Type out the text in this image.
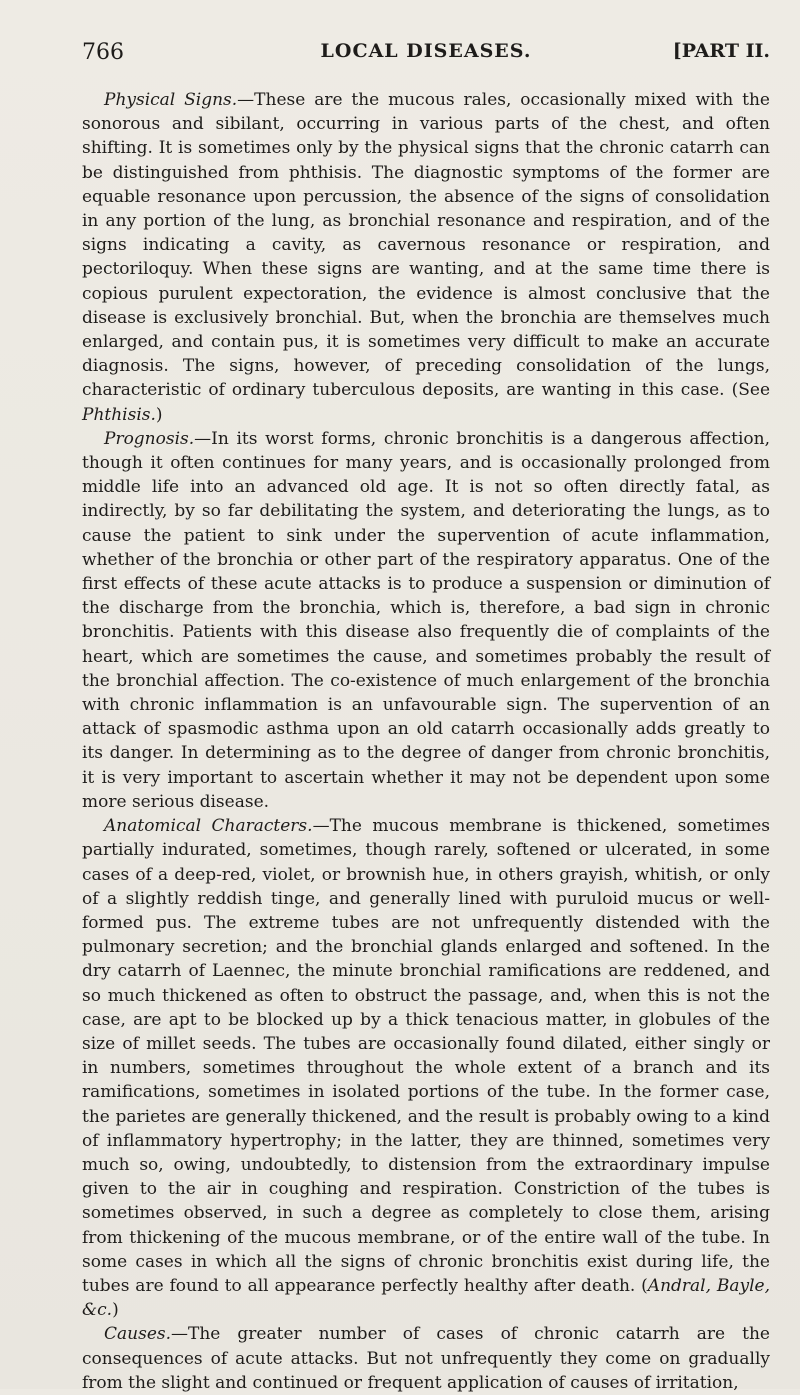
766	LOCAL DISEASES.	[PART II.

Physical Signs.—These are the mucous rales, occasionally mixed with the sonorous and sibilant, occurring in various parts of the chest, and often shifting. It is sometimes only by the physical signs that the chronic catarrh can be distinguished from phthisis. The diagnostic symptoms of the former are equable resonance upon percussion, the absence of the signs of consolidation in any portion of the lung, as bronchial resonance and respiration, and of the signs indicating a cavity, as cavernous resonance or respiration, and pectoriloquy. When these signs are wanting, and at the same time there is copious purulent expectoration, the evidence is almost conclusive that the disease is exclusively bronchial. But, when the bronchia are themselves much enlarged, and contain pus, it is sometimes very difficult to make an accurate diagnosis. The signs, however, of preceding consolidation of the lungs, characteristic of ordinary tuberculous deposits, are wanting in this case. (See Phthisis.)

Prognosis.—In its worst forms, chronic bronchitis is a dangerous affection, though it often continues for many years, and is occasionally prolonged from middle life into an advanced old age. It is not so often directly fatal, as indirectly, by so far debilitating the system, and deteriorating the lungs, as to cause the patient to sink under the supervention of acute inflammation, whether of the bronchia or other part of the respiratory apparatus. One of the first effects of these acute attacks is to produce a suspension or diminution of the discharge from the bronchia, which is, therefore, a bad sign in chronic bronchitis. Patients with this disease also frequently die of complaints of the heart, which are sometimes the cause, and sometimes probably the result of the bronchial affection. The co-existence of much enlargement of the bronchia with chronic inflammation is an unfavourable sign. The supervention of an attack of spasmodic asthma upon an old catarrh occasionally adds greatly to its danger. In determining as to the degree of danger from chronic bronchitis, it is very important to ascertain whether it may not be dependent upon some more serious disease.

Anatomical Characters.—The mucous membrane is thickened, sometimes partially indurated, sometimes, though rarely, softened or ulcerated, in some cases of a deep-red, violet, or brownish hue, in others grayish, whitish, or only of a slightly reddish tinge, and generally lined with puruloid mucus or well-formed pus. The extreme tubes are not unfrequently distended with the pulmonary secretion; and the bronchial glands enlarged and softened. In the dry catarrh of Laennec, the minute bronchial ramifications are reddened, and so much thickened as often to obstruct the passage, and, when this is not the case, are apt to be blocked up by a thick tenacious matter, in globules of the size of millet seeds. The tubes are occasionally found dilated, either singly or in numbers, sometimes throughout the whole extent of a branch and its ramifications, sometimes in isolated portions of the tube. In the former case, the parietes are generally thickened, and the result is probably owing to a kind of inflammatory hypertrophy; in the latter, they are thinned, sometimes very much so, owing, undoubtedly, to distension from the extraordinary impulse given to the air in coughing and respiration. Constriction of the tubes is sometimes observed, in such a degree as completely to close them, arising from thickening of the mucous membrane, or of the entire wall of the tube. In some cases in which all the signs of chronic bronchitis exist during life, the tubes are found to all appearance perfectly healthy after death. (Andral, Bayle, &c.)

Causes.—The greater number of cases of chronic catarrh are the consequences of acute attacks. But not unfrequently they come on gradually from the slight and continued or frequent application of causes of irritation,
